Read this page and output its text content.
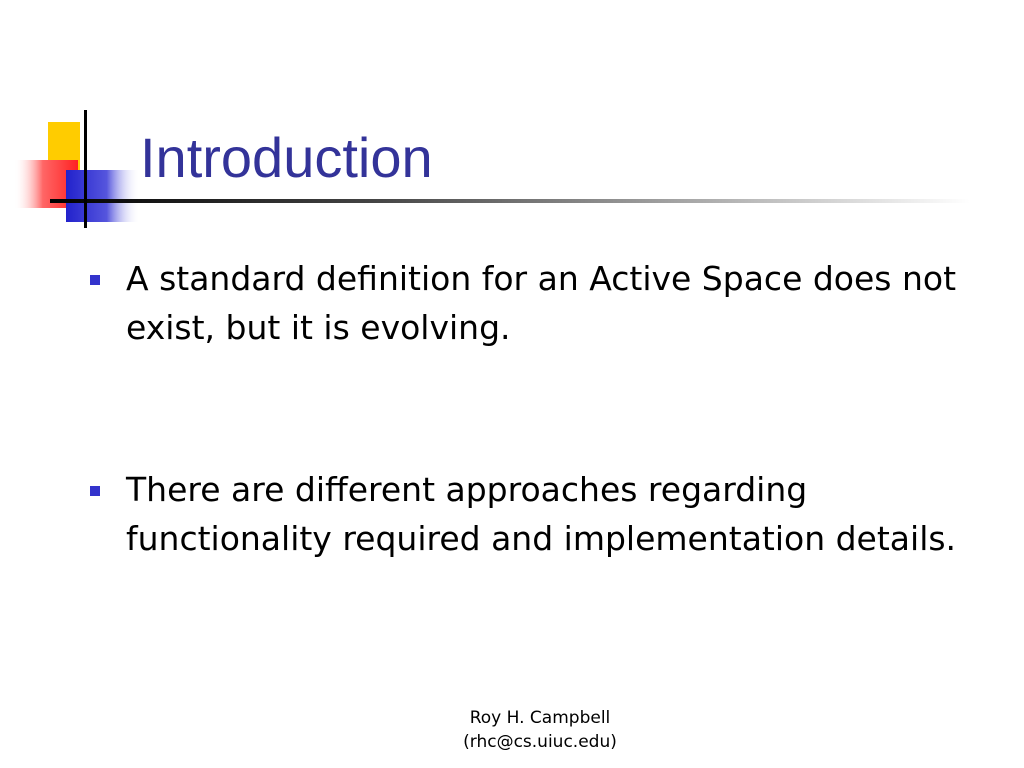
Introduction
A standard definition for an Active Space does not exist, but it is evolving.
There are different approaches regarding functionality required and implementation details.
Roy H. Campbell
(rhc@cs.uiuc.edu)
